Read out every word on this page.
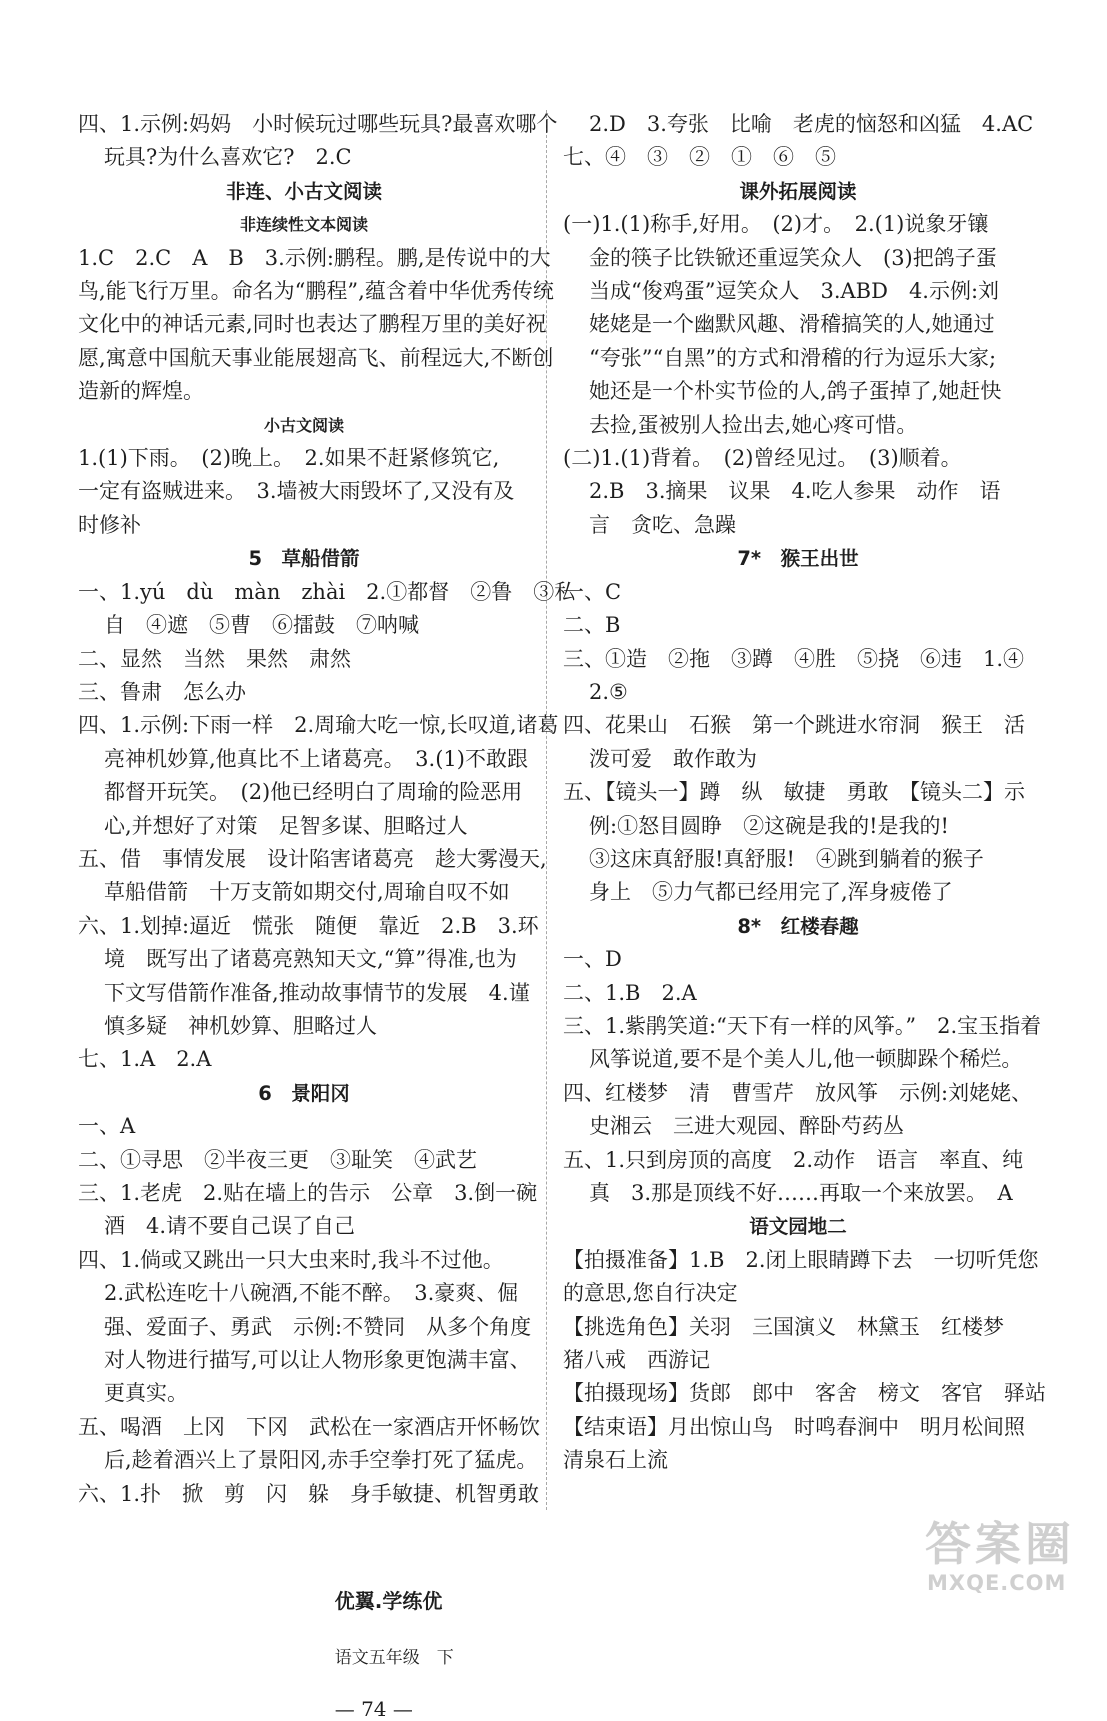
四、1.示例:妈妈　小时候玩过哪些玩具?最喜欢哪个
玩具?为什么喜欢它?　2.C
非连、小古文阅读
非连续性文本阅读
1.C　2.C　A　B　3.示例:鹏程。鹏,是传说中的大
鸟,能飞行万里。命名为“鹏程”,蕴含着中华优秀传统
文化中的神话元素,同时也表达了鹏程万里的美好祝
愿,寓意中国航天事业能展翅高飞、前程远大,不断创
造新的辉煌。
小古文阅读
1.(1)下雨。　(2)晚上。　2.如果不赶紧修筑它,
一定有盗贼进来。　3.墙被大雨毁坏了,又没有及
时修补
5　草船借箭
一、1.yú　dù　màn　zhài　2.①都督　②鲁　③私
自　④遮　⑤曹　⑥擂鼓　⑦呐喊
二、显然　当然　果然　肃然
三、鲁肃　怎么办
四、1.示例:下雨一样　2.周瑜大吃一惊,长叹道,诸葛
亮神机妙算,他真比不上诸葛亮。　3.(1)不敢跟
都督开玩笑。　(2)他已经明白了周瑜的险恶用
心,并想好了对策　足智多谋、胆略过人
五、借　事情发展　设计陷害诸葛亮　趁大雾漫天,
草船借箭　十万支箭如期交付,周瑜自叹不如
六、1.划掉:逼近　慌张　随便　靠近　2.B　3.环
境　既写出了诸葛亮熟知天文,“算”得准,也为
下文写借箭作准备,推动故事情节的发展　4.谨
慎多疑　神机妙算、胆略过人
七、1.A　2.A
6　景阳冈
一、A
二、①寻思　②半夜三更　③耻笑　④武艺
三、1.老虎　2.贴在墙上的告示　公章　3.倒一碗
酒　4.请不要自己误了自己
四、1.倘或又跳出一只大虫来时,我斗不过他。
2.武松连吃十八碗酒,不能不醉。　3.豪爽、倔
强、爱面子、勇武　示例:不赞同　从多个角度
对人物进行描写,可以让人物形象更饱满丰富、
更真实。
五、喝酒　上冈　下冈　武松在一家酒店开怀畅饮
后,趁着酒兴上了景阳冈,赤手空拳打死了猛虎。
六、1.扑　掀　剪　闪　躲　身手敏捷、机智勇敢
2.D　3.夸张　比喻　老虎的恼怒和凶猛　4.AC
七、④　③　②　①　⑥　⑤
课外拓展阅读
(一)1.(1)称手,好用。　(2)才。　2.(1)说象牙镶
金的筷子比铁锨还重逗笑众人　(3)把鸽子蛋
当成“俊鸡蛋”逗笑众人　3.ABD　4.示例:刘
姥姥是一个幽默风趣、滑稽搞笑的人,她通过
“夸张”“自黑”的方式和滑稽的行为逗乐大家;
她还是一个朴实节俭的人,鸽子蛋掉了,她赶快
去捡,蛋被别人捡出去,她心疼可惜。
(二)1.(1)背着。　(2)曾经见过。　(3)顺着。
2.B　3.摘果　议果　4.吃人参果　动作　语
言　贪吃、急躁
7*　猴王出世
一、C
二、B
三、①造　②拖　③蹲　④胜　⑤挠　⑥违　1.④
2.⑤
四、花果山　石猴　第一个跳进水帘洞　猴王　活
泼可爱　敢作敢为
五、【镜头一】蹲　纵　敏捷　勇敢　【镜头二】示
例:①怒目圆睁　②这碗是我的!是我的!
③这床真舒服!真舒服!　④跳到躺着的猴子
身上　⑤力气都已经用完了,浑身疲倦了
8*　红楼春趣
一、D
二、1.B　2.A
三、1.紫鹃笑道:“天下有一样的风筝。”　2.宝玉指着
风筝说道,要不是个美人儿,他一顿脚跺个稀烂。
四、红楼梦　清　曹雪芹　放风筝　示例:刘姥姥、
史湘云　三进大观园、醉卧芍药丛
五、1.只到房顶的高度　2.动作　语言　率直、纯
真　3.那是顶线不好……再取一个来放罢。　A
语文园地二
【拍摄准备】1.B　2.闭上眼睛蹲下去　一切听凭您
的意思,您自行决定
【挑选角色】关羽　三国演义　林黛玉　红楼梦
猪八戒　西游记
【拍摄现场】货郎　郎中　客舍　榜文　客官　驿站
【结束语】月出惊山鸟　时鸣春涧中　明月松间照
清泉石上流

优翼.学练优

语文五年级　下

— 74 —

答案圈
MXQE.COM
